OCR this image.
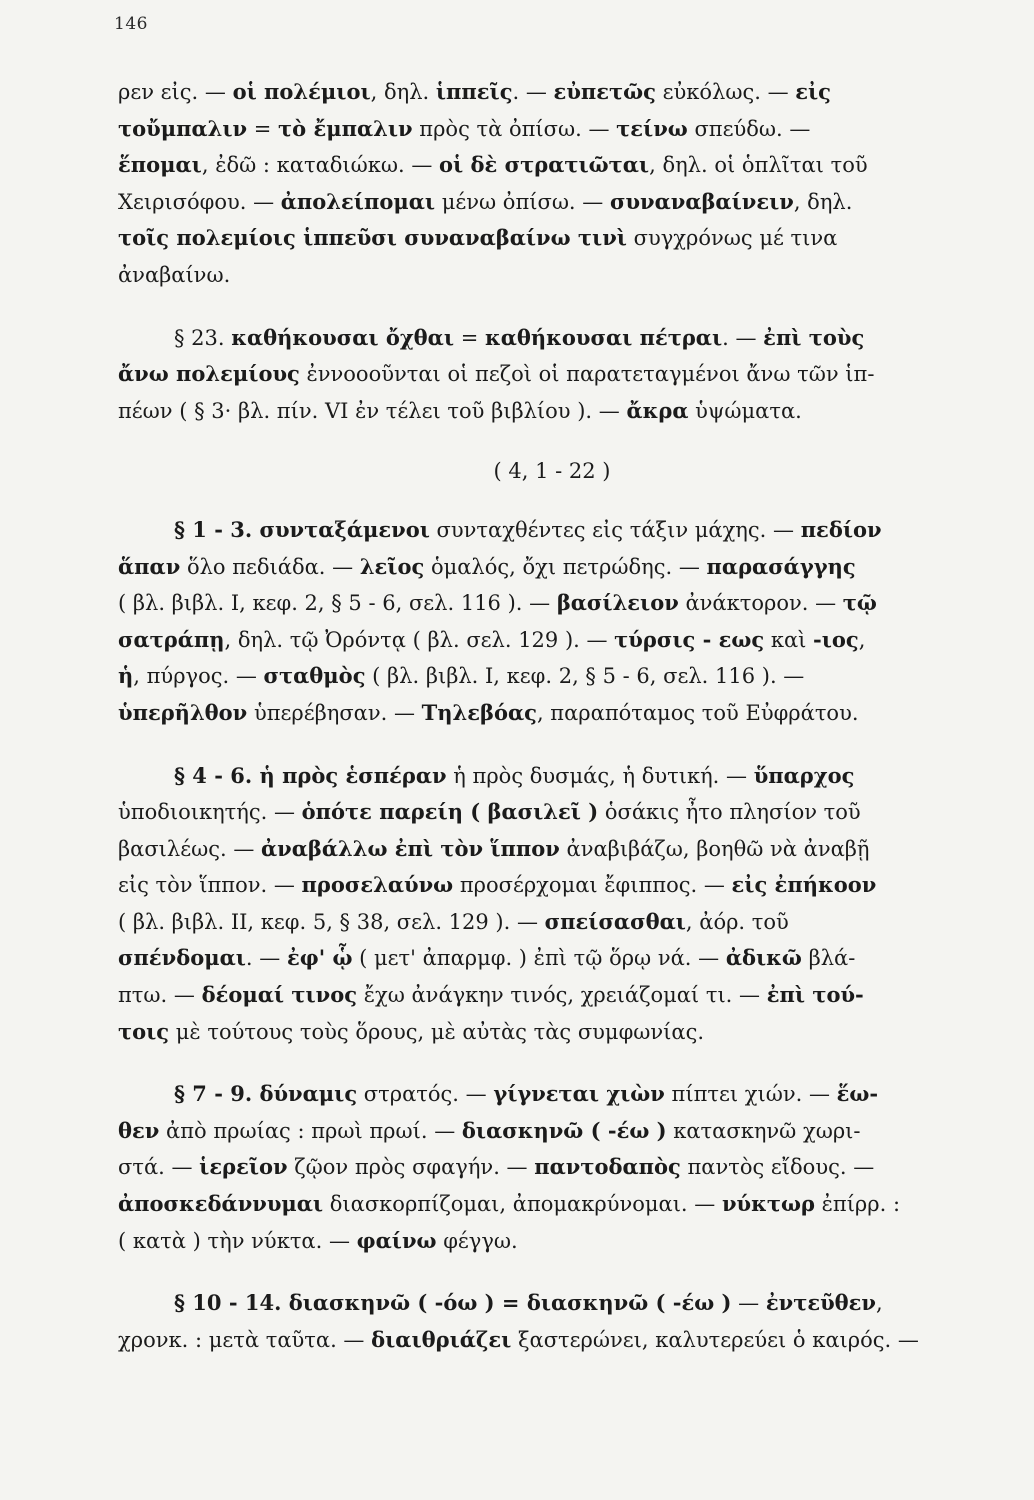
146
ρεν εἰς. — οἱ πολέμιοι, δηλ. ἱππεῖς. — εὐπετῶς εὐκόλως. — εἰς
τοὔμπαλιν = τὸ ἔμπαλιν πρὸς τὰ ὀπίσω. — τείνω σπεύδω. —
ἕπομαι, ἐδῶ : καταδιώκω. — οἱ δὲ στρατιῶται, δηλ. οἱ ὁπλῖται τοῦ
Χειρισόφου. — ἀπολείπομαι μένω ὀπίσω. — συναναβαίνειν, δηλ.
τοῖς πολεμίοις ἱππεῦσι συναναβαίνω τινὶ συγχρόνως μέ τινα
ἀναβαίνω.
§ 23. καθήκουσαι ὄχθαι = καθήκουσαι πέτραι. — ἐπὶ τοὺς
ἄνω πολεμίους ἐννοοοῦνται οἱ πεζοὶ οἱ παρατεταγμένοι ἄνω τῶν ἱπ-
πέων ( § 3· βλ. πίν. VI ἐν τέλει τοῦ βιβλίου ). — ἄκρα ὑψώματα.
( 4, 1 - 22 )
§ 1 - 3. συνταξάμενοι συνταχθέντες εἰς τάξιν μάχης. — πεδίον
ἅπαν ὅλο πεδιάδα. — λεῖος ὁμαλός, ὄχι πετρώδης. — παρασάγγης
( βλ. βιβλ. I, κεφ. 2, § 5 - 6, σελ. 116 ). — βασίλειον ἀνάκτορον. — τῷ
σατράπῃ, δηλ. τῷ Ὀρόντᾳ ( βλ. σελ. 129 ). — τύρσις - εως καὶ -ιος,
ἡ, πύργος. — σταθμὸς ( βλ. βιβλ. I, κεφ. 2, § 5 - 6, σελ. 116 ). —
ὑπερῆλθον ὑπερέβησαν. — Τηλεβόας, παραπόταμος τοῦ Εὐφράτου.
§ 4 - 6. ἡ πρὸς ἑσπέραν ἡ πρὸς δυσμάς, ἡ δυτική. — ὕπαρχος
ὑποδιοικητής. — ὁπότε παρείη ( βασιλεῖ ) ὁσάκις ἦτο πλησίον τοῦ
βασιλέως. — ἀναβάλλω ἐπὶ τὸν ἵππον ἀναβιβάζω, βοηθῶ νὰ ἀναβῇ
εἰς τὸν ἵππον. — προσελαύνω προσέρχομαι ἔφιππος. — εἰς ἐπήκοον
( βλ. βιβλ. II, κεφ. 5, § 38, σελ. 129 ). — σπείσασθαι, ἀόρ. τοῦ
σπένδομαι. — ἐφ' ᾧ ( μετ' ἀπαρμφ. ) ἐπὶ τῷ ὅρῳ νά. — ἀδικῶ βλά-
πτω. — δέομαί τινος ἔχω ἀνάγκην τινός, χρειάζομαί τι. — ἐπὶ τού-
τοις μὲ τούτους τοὺς ὅρους, μὲ αὐτὰς τὰς συμφωνίας.
§ 7 - 9. δύναμις στρατός. — γίγνεται χιὼν πίπτει χιών. — ἕω-
θεν ἀπὸ πρωίας : πρωὶ πρωί. — διασκηνῶ ( -έω ) κατασκηνῶ χωρι-
στά. — ἱερεῖον ζῷον πρὸς σφαγήν. — παντοδαπὸς παντὸς εἴδους. —
ἀποσκεδάννυμαι διασκορπίζομαι, ἀπομακρύνομαι. — νύκτωρ ἐπίρρ. :
( κατὰ ) τὴν νύκτα. — φαίνω φέγγω.
§ 10 - 14. διασκηνῶ ( -όω ) = διασκηνῶ ( -έω ) — ἐντεῦθεν,
χρονκ. : μετὰ ταῦτα. — διαιθριάζει ξαστερώνει, καλυτερεύει ὁ καιρός. —
